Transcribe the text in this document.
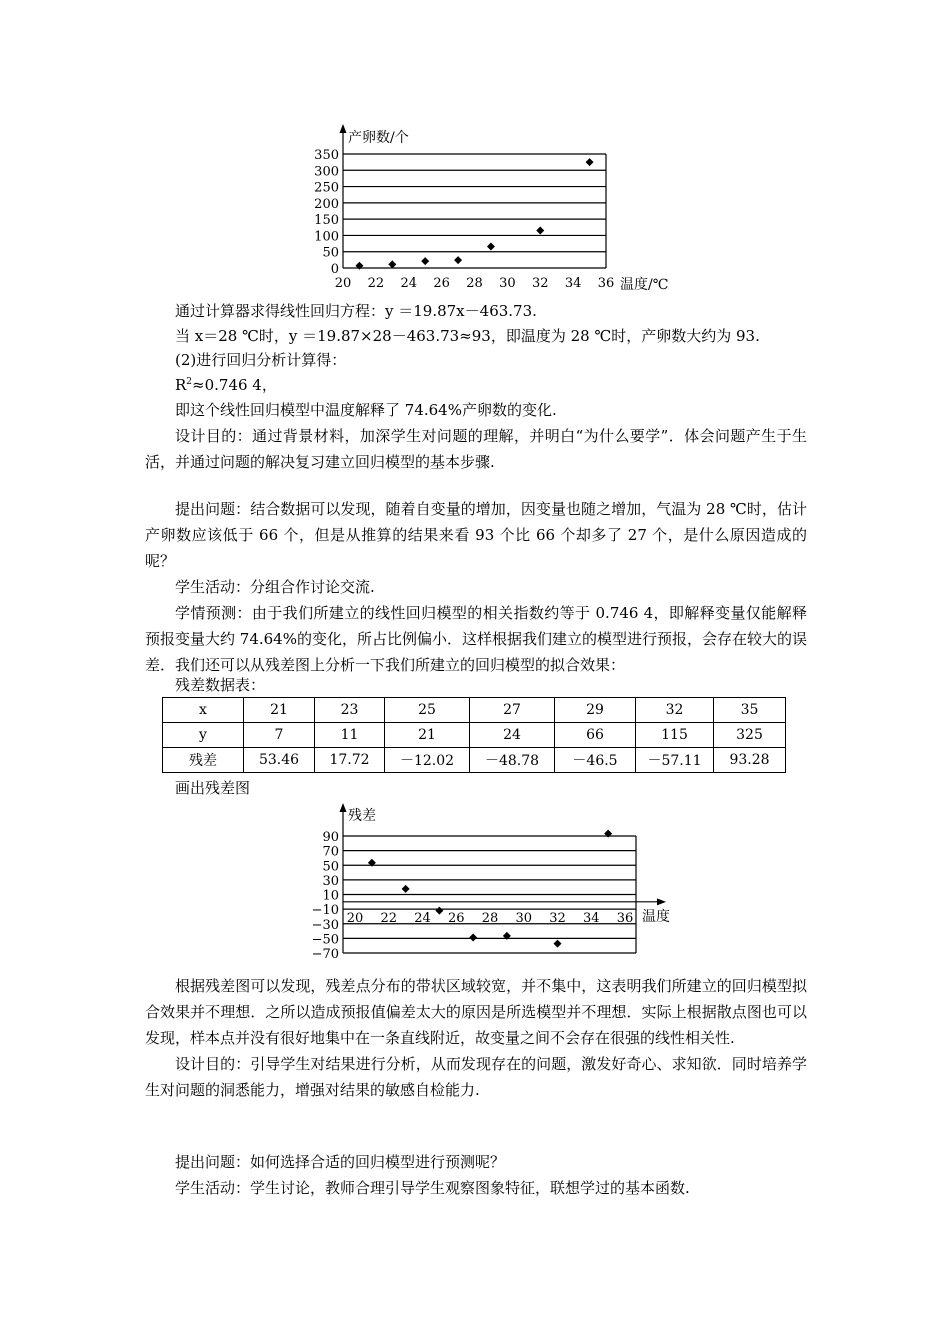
0
50
100
150
200
250
300
350
20 22 24 26 28 30 32 34 36
产卵数/个
温度/℃
通过计算器求得线性回归方程：y ＝19.87x－463.73.
当 x＝28 ℃时，y ＝19.87×28－463.73≈93，即温度为 28 ℃时，产卵数大约为 93.
(2)进行回归分析计算得：
$R^2\approx 0.746$ 4，
即这个线性回归模型中温度解释了 74.64%产卵数的变化.

设计目的：通过背景材料，加深学生对问题的理解，并明白“为什么要学”．体会问题产生于生活，并通过问题的解决复习建立回归模型的基本步骤.

提出问题：结合数据可以发现，随着自变量的增加，因变量也随之增加，气温为 28 ℃时，估计产卵数应该低于 66 个，但是从推算的结果来看 93 个比 66 个却多了 27 个，是什么原因造成的呢？

学生活动：分组合作讨论交流.

学情预测：由于我们所建立的线性回归模型的相关指数约等于 0.746 4，即解释变量仅能解释预报变量大约 74.64%的变化，所占比例偏小．这样根据我们建立的模型进行预报，会存在较大的误差．我们还可以从残差图上分析一下我们所建立的回归模型的拟合效果：

残差数据表：
x	21	23	25	27	29	32	35
y	7	11	21	24	66	115	325
残差	53.46	17.72	－12.02	－48.78	－46.5	－57.11	93.28
画出残差图
90
70
50
30
10
−10
−30
−50
−70
20 22 24 26 28 30 32 34 36
残差
温度

根据残差图可以发现，残差点分布的带状区域较宽，并不集中，这表明我们所建立的回归模型拟合效果并不理想．之所以造成预报值偏差太大的原因是所选模型并不理想．实际上根据散点图也可以发现，样本点并没有很好地集中在一条直线附近，故变量之间不会存在很强的线性相关性.

设计目的：引导学生对结果进行分析，从而发现存在的问题，激发好奇心、求知欲．同时培养学生对问题的洞悉能力，增强对结果的敏感自检能力.

提出问题：如何选择合适的回归模型进行预测呢？

学生活动：学生讨论，教师合理引导学生观察图象特征，联想学过的基本函数.
